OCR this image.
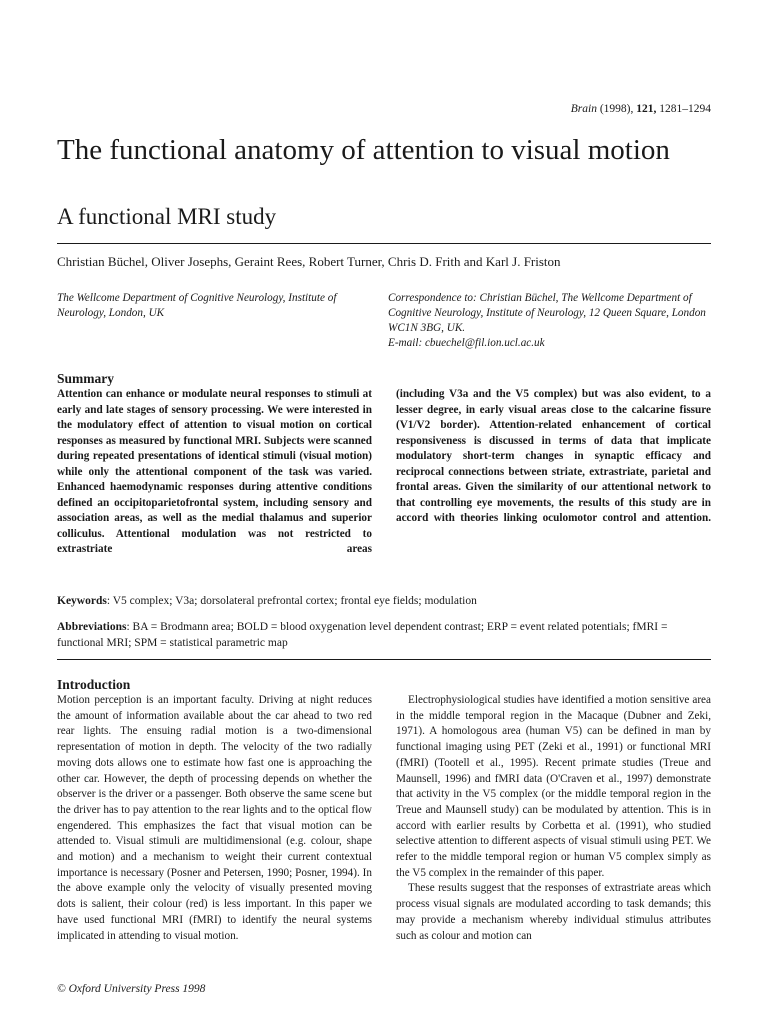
Brain (1998), 121, 1281–1294
The functional anatomy of attention to visual motion
A functional MRI study
Christian Büchel, Oliver Josephs, Geraint Rees, Robert Turner, Chris D. Frith and Karl J. Friston
The Wellcome Department of Cognitive Neurology, Institute of Neurology, London, UK
Correspondence to: Christian Büchel, The Wellcome Department of Cognitive Neurology, Institute of Neurology, 12 Queen Square, London WC1N 3BG, UK.
E-mail: cbuechel@fil.ion.ucl.ac.uk
Summary
Attention can enhance or modulate neural responses to stimuli at early and late stages of sensory processing. We were interested in the modulatory effect of attention to visual motion on cortical responses as measured by functional MRI. Subjects were scanned during repeated presentations of identical stimuli (visual motion) while only the attentional component of the task was varied. Enhanced haemodynamic responses during attentive conditions defined an occipitoparietofrontal system, including sensory and association areas, as well as the medial thalamus and superior colliculus. Attentional modulation was not restricted to extrastriate areas
(including V3a and the V5 complex) but was also evident, to a lesser degree, in early visual areas close to the calcarine fissure (V1/V2 border). Attention-related enhancement of cortical responsiveness is discussed in terms of data that implicate modulatory short-term changes in synaptic efficacy and reciprocal connections between striate, extrastriate, parietal and frontal areas. Given the similarity of our attentional network to that controlling eye movements, the results of this study are in accord with theories linking oculomotor control and attention.
Keywords: V5 complex; V3a; dorsolateral prefrontal cortex; frontal eye fields; modulation
Abbreviations: BA = Brodmann area; BOLD = blood oxygenation level dependent contrast; ERP = event related potentials; fMRI = functional MRI; SPM = statistical parametric map
Introduction

Motion perception is an important faculty. Driving at night reduces the amount of information available about the car ahead to two red rear lights. The ensuing radial motion is a two-dimensional representation of motion in depth. The velocity of the two radially moving dots allows one to estimate how fast one is approaching the other car. However, the depth of processing depends on whether the observer is the driver or a passenger. Both observe the same scene but the driver has to pay attention to the rear lights and to the optical flow engendered. This emphasizes the fact that visual motion can be attended to. Visual stimuli are multidimensional (e.g. colour, shape and motion) and a mechanism to weight their current contextual importance is necessary (Posner and Petersen, 1990; Posner, 1994). In the above example only the velocity of visually presented moving dots is salient, their colour (red) is less important. In this paper we have used functional MRI (fMRI) to identify the neural systems implicated in attending to visual motion.

Electrophysiological studies have identified a motion sensitive area in the middle temporal region in the Macaque (Dubner and Zeki, 1971). A homologous area (human V5) can be defined in man by functional imaging using PET (Zeki et al., 1991) or functional MRI (fMRI) (Tootell et al., 1995). Recent primate studies (Treue and Maunsell, 1996) and fMRI data (O'Craven et al., 1997) demonstrate that activity in the V5 complex (or the middle temporal region in the Treue and Maunsell study) can be modulated by attention. This is in accord with earlier results by Corbetta et al. (1991), who studied selective attention to different aspects of visual stimuli using PET. We refer to the middle temporal region or human V5 complex simply as the V5 complex in the remainder of this paper.

These results suggest that the responses of extrastriate areas which process visual signals are modulated according to task demands; this may provide a mechanism whereby individual stimulus attributes such as colour and motion can

© Oxford University Press 1998
